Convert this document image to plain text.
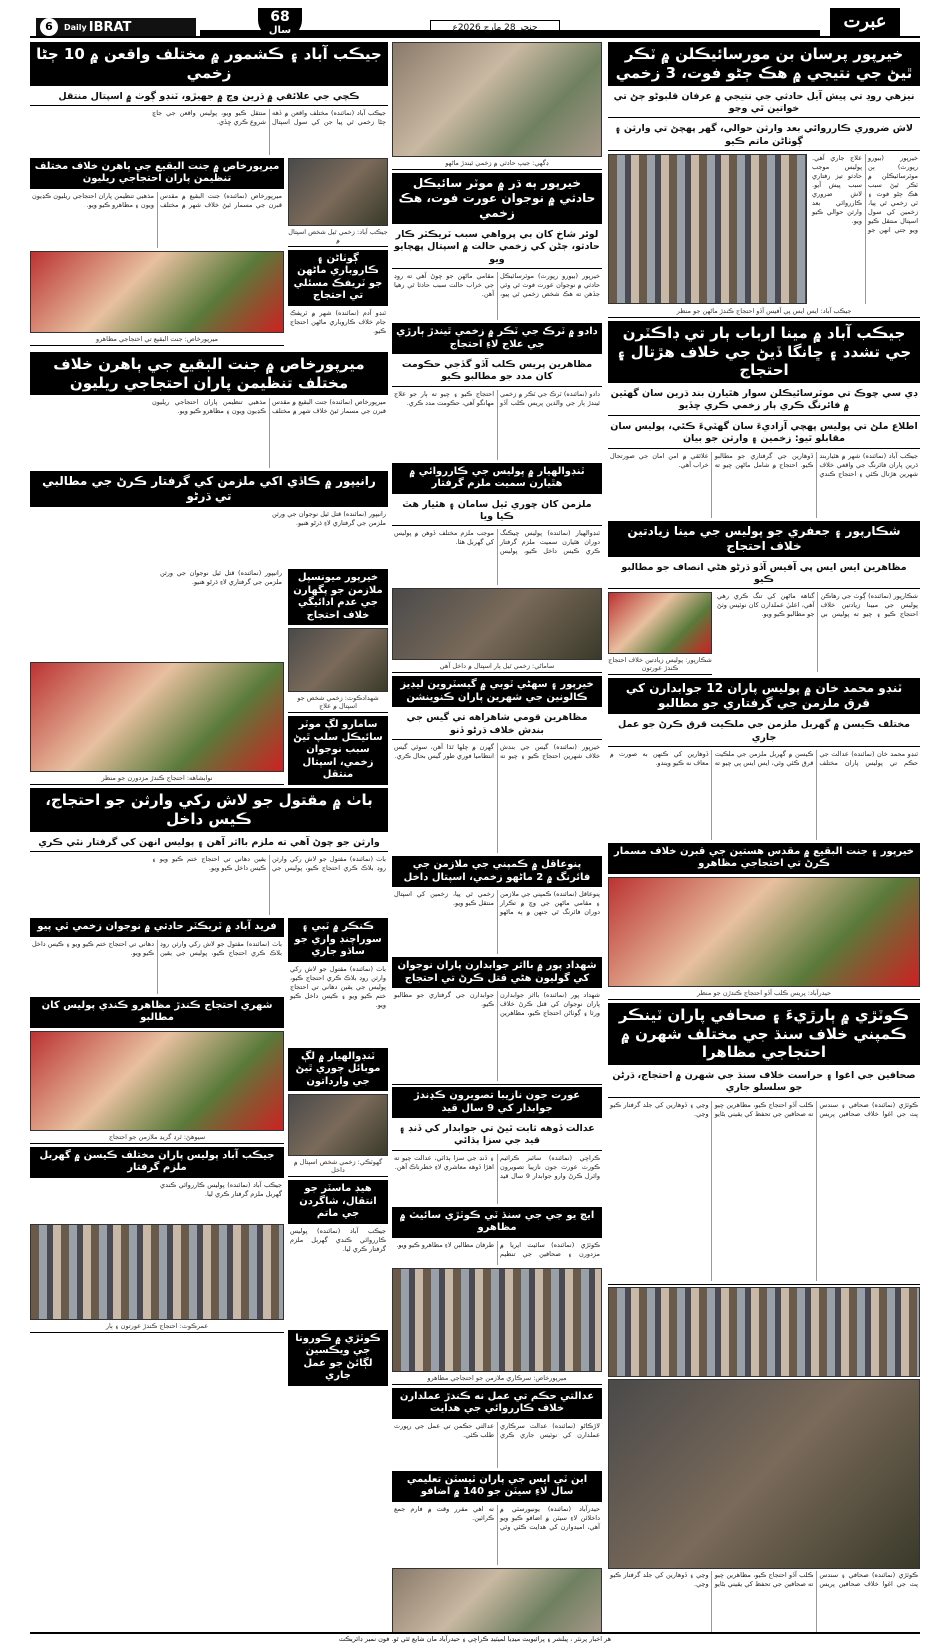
6	Daily IBRAT
68
سال	ڇنڇر 28 مارچ 2026ع	عبرت
خيرپور پرسان بن مورسائيڪلن ۾ ٽڪر ٿيڻ جي نتيجي ۾ هڪ ڄڻو فوت، 3 زخمي
نيزهي روڊ تي پيش آيل حادثي جي نتيجي ۾ عرفان قلبوڻو ڄڻ تي خواتين ٿي وڃو
لاش ضروري ڪارروائي بعد وارثن حوالي، گهر پهچڻ تي وارثن ۽ ڳوٺاڻن ماتم ڪيو
خيرپور (بيورو رپورٽ) ٻن موٽرسائيڪلن ۾ ٽڪر ٿيڻ سبب هڪ ڄڻو فوت ۽ ٽي زخمي ٿي پيا، زخمين کي سول اسپتال منتقل ڪيو ويو جتي انهن جو علاج جاري آهي. پوليس موجب حادثو تيز رفتاري سبب پيش آيو. لاش ضروري ڪارروائي بعد وارثن حوالي ڪيو ويو.
جيڪب آباد: ايس ايس پي آفيس آڏو احتجاج ڪندڙ ماڻهن جو منظر
جيڪب آباد ۾ مينا ارباب ٻار تي ڊاڪٽرن جي تشدد ۽ ڇانگا ڏيڻ جي خلاف هڙتال ۽ احتجاج
ڊي سي چوڪ تي موٽرسائيڪلن سوار هٿيارن بند ڌرين سان گهٽين ۾ فائرنگ ڪري ٻار زخمي ڪري ڇڏيو
اطلاع ملڻ تي پوليس پهچي آزاديءَ سان گهٽيءَ ڪئي، پوليس سان مقابلو ٿيو: زخمين ۽ وارثن جو بيان
جيڪب آباد (نمائنده) شهر ۾ هٿياربند ڌرين پاران فائرنگ جي واقعي خلاف شهرين هڙتال ڪئي ۽ احتجاج ڪندي ڏوهارين جي گرفتاري جو مطالبو ڪيو. احتجاج ۾ شامل ماڻهن چيو ته علائقي ۾ امن امان جي صورتحال خراب آهي.
شڪارپور ۽ جعفري جو پوليس جي مينا زيادتين خلاف احتجاج
مظاهرين ايس ايس پي آفيس آڏو ڌرڻو هڻي انصاف جو مطالبو ڪيو
شڪارپور (نمائنده) ڳوٺ جي رهاڪن پوليس جي مبينا زيادتين خلاف احتجاج ڪيو ۽ چيو ته پوليس بي گناهه ماڻهن کي تنگ ڪري رهي آهي، اعليٰ عملدارن کان نوٽيس وٺڻ جو مطالبو ڪيو ويو.
شڪارپور: پوليس زيادتين خلاف احتجاج ڪندڙ عورتون
ٽنڊو محمد خان ۾ پوليس پاران 12 جوابدارن کي قرق ملزمن جي گرفتاري جو مطالبو
مختلف ڪيسن ۾ گهربل ملزمن جي ملڪيت قرق ڪرڻ جو عمل جاري
ٽنڊو محمد خان (نمائنده) عدالت جي حڪم تي پوليس پاران مختلف ڪيسن ۾ گهربل ملزمن جي ملڪيت قرق ڪئي وئي، ايس ايس پي چيو ته ڏوهارين کي ڪنهن به صورت ۾ معاف نه ڪيو ويندو.
خيرپور ۽ جنت البقيع ۾ مقدس هستين جي قبرن خلاف مسمار ڪرڻ تي احتجاجي مظاهرو
حيدرآباد: پريس ڪلب آڏو احتجاج ڪندڙن جو منظر
ڪوٽڙي ۾ ٻارڙيءَ ۽ صحافي پاران ٽينڪر ڪمپني خلاف سنڌ جي مختلف شهرن ۾ احتجاجي مظاهرا
صحافين جي اغوا ۽ حراست خلاف سنڌ جي شهرن ۾ احتجاج، ڌرڻن جو سلسلو جاري
ڪوٽڙي (نمائنده) صحافي ۽ سندس پٽ جي اغوا خلاف صحافين پريس ڪلب آڏو احتجاج ڪيو، مظاهرين چيو ته صحافين جي تحفظ کي يقيني بڻايو وڃي ۽ ڏوهارين کي جلد گرفتار ڪيو وڃي.
ڪوٽڙي (نمائنده) صحافي ۽ سندس پٽ جي اغوا خلاف صحافين پريس ڪلب آڏو احتجاج ڪيو، مظاهرين چيو ته صحافين جي تحفظ کي يقيني بڻايو وڃي ۽ ڏوهارين کي جلد گرفتار ڪيو وڃي.
ڊگهي: جيپ حادثي ۾ زخمي ٿيندڙ ماڻهو
خيرپور ٻه ڌر ۾ موٽر سائيڪل حادثي ۾ نوجوان عورت فوت، هڪ زخمي
لوئر شاخ کان بي پرواهي سبب ٽريڪٽر ڪار حادثو، ڄڻن کي زخمي حالت ۾ اسپتال پهچايو ويو
خيرپور (بيورو رپورٽ) موٽرسائيڪل حادثي ۾ نوجوان عورت فوت ٿي وئي جڏهن ته هڪ شخص زخمي ٿي پيو، مقامي ماڻهن جو چوڻ آهي ته روڊ جي خراب حالت سبب حادثا ٿي رهيا آهن.
دادو ۾ ٽرڪ جي ٽڪر ۾ زخمي ٿيندڙ ٻارڙي جي علاج لاءِ احتجاج
مظاهرين پريس ڪلب آڏو گڏجي حڪومت کان مدد جو مطالبو ڪيو
دادو (نمائنده) ٽرڪ جي ٽڪر ۾ زخمي ٿيندڙ ٻار جي والدين پريس ڪلب آڏو احتجاج ڪيو ۽ چيو ته ٻار جو علاج مهانگو آهي، حڪومت مدد ڪري.
ٽنڊوالهيار ۾ پوليس جي ڪارروائي ۾ هٿيارن سميت ملزم گرفتار
ملزمن کان چوري ٿيل سامان ۽ هٿيار هٿ ڪيا ويا
ٽنڊوالهيار (نمائنده) پوليس چيڪنگ دوران هٿيارن سميت ملزم گرفتار ڪري ڪيس داخل ڪيو، پوليس موجب ملزم مختلف ڏوهن ۾ پوليس کي گهربل هئا.
ساماڻي: زخمي ٿيل ٻار اسپتال ۾ داخل آهي
خيرپور ۽ سهڻي ٽوبي ۾ گيسٽروين ليڊيز ڪالونين جي شهرين پاران ڪنوينشن
مظاهرين قومي شاهراهه تي گيس جي بندش خلاف ڌرڻو ڏنو
خيرپور (نمائنده) گيس جي بندش خلاف شهرين احتجاج ڪيو ۽ چيو ته گهرن ۾ چلها ٿڌا آهن، سوئي گيس انتظاميا فوري طور گيس بحال ڪري.
پنوعاقل ۾ ڪمپني جي ملازمن جي فائرنگ ۾ 2 ماڻهو زخمي، اسپتال داخل
پنوعاقل (نمائنده) ڪمپني جي ملازمن ۽ مقامي ماڻهن جي وچ ۾ تڪرار دوران فائرنگ ٿي جنهن ۾ ٻه ماڻهو زخمي ٿي پيا، زخمين کي اسپتال منتقل ڪيو ويو.
شهداد پور ۾ بااثر جوابدارن پاران نوجوان کي گوليون هڻي قتل ڪرڻ تي احتجاج
شهداد پور (نمائنده) بااثر جوابدارن پاران نوجوان کي قتل ڪرڻ خلاف ورثا ۽ ڳوٺاڻن احتجاج ڪيو، مظاهرين جوابدارن جي گرفتاري جو مطالبو ڪيو.
عورت جون نازيبا تصويرون ڪڍندڙ جوابدار کي 9 سال قيد
عدالت ڏوهه ثابت ٿيڻ تي جوابدار کي ڏنڊ ۽ قيد جي سزا ٻڌائي
ڪراچي (نمائنده) سائبر ڪرائيم ڪورٽ عورت جون نازيبا تصويرون وائرل ڪرڻ وارو جوابدار 9 سال قيد ۽ ڏنڊ جي سزا ٻڌائي، عدالت چيو ته اهڙا ڏوهه معاشري لاءِ خطرناڪ آهن.
ايچ يو جي جي سنڌ ٽي ڪوٽڙي سائيٽ ۾ مظاهرو
ڪوٽڙي (نمائنده) سائيٽ ايريا ۾ مزدورن ۽ صحافين جي تنظيم طرفان مطالبن لاءِ مظاهرو ڪيو ويو.
ميرپورخاص: سرڪاري ملازمن جو احتجاجي مظاهرو
عدالتي حڪم تي عمل نه ڪندڙ عملدارن خلاف ڪارروائي جي هدايت
لاڙڪاڻو (نمائنده) عدالت سرڪاري عملدارن کي نوٽيس جاري ڪري عدالتي حڪمن تي عمل جي رپورٽ طلب ڪئي.
اين ٽي ايس جي پاران ٽيسٽن تعليمي سال لاءِ سيٽن جو 140 ۾ اضافو
حيدرآباد (نمائنده) يونيورسٽي ۾ داخلائن لاءِ سيٽن ۾ اضافو ڪيو ويو آهي، اميدوارن کي هدايت ڪئي وئي ته اهي مقرر وقت ۾ فارم جمع ڪرائين.
جيڪب آباد ۽ ڪشمور ۾ مختلف واقعن ۾ 10 ڄڻا زخمي
ڪچي جي علائقي ۾ ڌرين وچ ۾ جهيڙو، ٽنڊو ڳوٺ ۾ اسپتال منتقل
جيڪب آباد (نمائنده) مختلف واقعن ۾ ڏهه ڄڻا زخمي ٿي پيا جن کي سول اسپتال منتقل ڪيو ويو، پوليس واقعن جي جاچ شروع ڪري ڇڏي.
جيڪب آباد: زخمي ٿيل شخص اسپتال ۾
ڳوٺاڻن ۽ ڪاروباري ماڻهن جو ٽريفڪ مسئلي تي احتجاج
ٽنڊو آدم (نمائنده) شهر ۾ ٽريفڪ جام خلاف ڪاروباري ماڻهن احتجاج ڪيو.
ميرپورخاص ۾ جنت البقيع جي ٻاهرن خلاف مختلف تنظيمن پاران احتجاجي ريليون
ميرپورخاص (نمائنده) جنت البقيع ۾ مقدس قبرن جي مسمار ٿيڻ خلاف شهر ۾ مختلف مذهبي تنظيمن پاران احتجاجي ريليون ڪڍيون ويون ۽ مظاهرو ڪيو ويو.
ميرپورخاص: جنت البقيع تي احتجاجي مظاهرو
ميرپورخاص ۾ جنت البقيع جي ٻاهرن خلاف مختلف تنظيمن پاران احتجاجي ريليون
ميرپورخاص (نمائنده) جنت البقيع ۾ مقدس قبرن جي مسمار ٿيڻ خلاف شهر ۾ مختلف مذهبي تنظيمن پاران احتجاجي ريليون ڪڍيون ويون ۽ مظاهرو ڪيو ويو.
رانيپور ۾ ڪاڏي اکي ملزمن کي گرفتار ڪرڻ جي مطالبي تي ڌرڻو
رانيپور (نمائنده) قتل ٿيل نوجوان جي ورثن ملزمن جي گرفتاري لاءِ ڌرڻو هنيو.
خيرپور ميونسپل ملازمن جو پگهارن جي عدم ادائيگي خلاف احتجاج
شهدادڪوٽ: زخمي شخص جو اسپتال ۾ علاج
سامارو لڳ موٽر سائيڪل سلپ ٿيڻ سبب نوجوان زخمي، اسپتال منتقل
رانيپور (نمائنده) قتل ٿيل نوجوان جي ورثن ملزمن جي گرفتاري لاءِ ڌرڻو هنيو.
نوابشاهه: احتجاج ڪندڙ مزدورن جو منظر
باٺ ۾ مقتول جو لاش رکي وارثن جو احتجاج، ڪيس داخل
وارثن جو چوڻ آهي ته ملزم بااثر آهن ۽ پوليس انهن کي گرفتار نٿي ڪري
باٺ (نمائنده) مقتول جو لاش رکي وارثن روڊ بلاڪ ڪري احتجاج ڪيو، پوليس جي يقين دهاني تي احتجاج ختم ڪيو ويو ۽ ڪيس داخل ڪيو ويو.
ڪنڪر ۾ ٽبي ۽ سوراچنڊ واري جو ساڌو جاري
باٺ (نمائنده) مقتول جو لاش رکي وارثن روڊ بلاڪ ڪري احتجاج ڪيو، پوليس جي يقين دهاني تي احتجاج ختم ڪيو ويو ۽ ڪيس داخل ڪيو ويو.
ٽنڊوالهيار ۾ لڳ موبائل چوري ٿيڻ جي وارداتون
گهوٽڪي: زخمي شخص اسپتال ۾ داخل
هيڊ ماسٽر جو انتقال، شاگردن جي ماتم
جيڪب آباد (نمائنده) پوليس ڪارروائي ڪندي گهربل ملزم گرفتار ڪري ليا.
ڪوٽڙي ۾ ڪورونا جي ويڪسين لڳائڻ جو عمل جاري
فريد آباد ۾ ٽريڪٽر حادثي ۾ نوجوان زخمي ٿي پيو
باٺ (نمائنده) مقتول جو لاش رکي وارثن روڊ بلاڪ ڪري احتجاج ڪيو، پوليس جي يقين دهاني تي احتجاج ختم ڪيو ويو ۽ ڪيس داخل ڪيو ويو.
شهري احتجاج ڪندڙ مظاهرو ڪندي پوليس کان مطالبو
سيوهڻ: ٿرڊ گريڊ ملازمن جو احتجاج
جيڪب آباد پوليس پاران مختلف ڪيسن ۾ گهربل ملزم گرفتار
جيڪب آباد (نمائنده) پوليس ڪارروائي ڪندي گهربل ملزم گرفتار ڪري ليا.
عمرڪوٽ: احتجاج ڪندڙ عورتون ۽ ٻار
هر اخبار پرنٽر ، پبلشر ۽ پرائيويٽ ميڊيا لميٽيڊ ڪراچي ۽ حيدرآباد مان شايع ٿئي ٿو. فون نمبر ڊائريڪٽ
